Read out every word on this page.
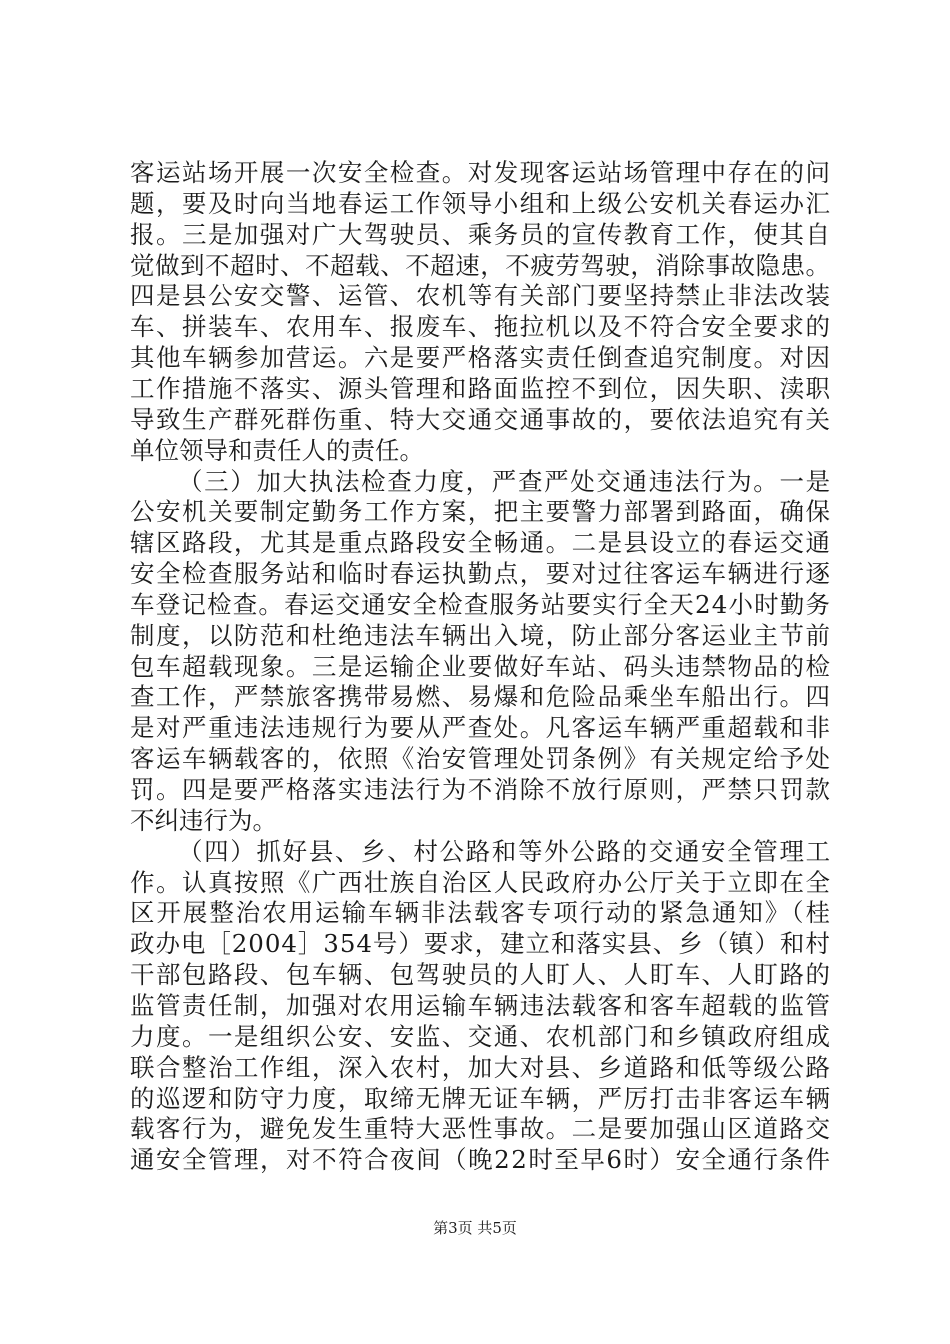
客运站场开展一次安全检查。对发现客运站场管理中存在的问
题，要及时向当地春运工作领导小组和上级公安机关春运办汇
报。三是加强对广大驾驶员、乘务员的宣传教育工作，使其自
觉做到不超时、不超载、不超速，不疲劳驾驶，消除事故隐患。
四是县公安交警、运管、农机等有关部门要坚持禁止非法改装
车、拼装车、农用车、报废车、拖拉机以及不符合安全要求的
其他车辆参加营运。六是要严格落实责任倒查追究制度。对因
工作措施不落实、源头管理和路面监控不到位，因失职、渎职
导致生产群死群伤重、特大交通交通事故的，要依法追究有关
单位领导和责任人的责任。
（三）加大执法检查力度，严查严处交通违法行为。一是
公安机关要制定勤务工作方案，把主要警力部署到路面，确保
辖区路段，尤其是重点路段安全畅通。二是县设立的春运交通
安全检查服务站和临时春运执勤点，要对过往客运车辆进行逐
车登记检查。春运交通安全检查服务站要实行全天24小时勤务
制度，以防范和杜绝违法车辆出入境，防止部分客运业主节前
包车超载现象。三是运输企业要做好车站、码头违禁物品的检
查工作，严禁旅客携带易燃、易爆和危险品乘坐车船出行。四
是对严重违法违规行为要从严查处。凡客运车辆严重超载和非
客运车辆载客的，依照《治安管理处罚条例》有关规定给予处
罚。四是要严格落实违法行为不消除不放行原则，严禁只罚款
不纠违行为。
（四）抓好县、乡、村公路和等外公路的交通安全管理工
作。认真按照《广西壮族自治区人民政府办公厅关于立即在全
区开展整治农用运输车辆非法载客专项行动的紧急通知》（桂
政办电［2004］354号）要求，建立和落实县、乡（镇）和村
干部包路段、包车辆、包驾驶员的人盯人、人盯车、人盯路的
监管责任制，加强对农用运输车辆违法载客和客车超载的监管
力度。一是组织公安、安监、交通、农机部门和乡镇政府组成
联合整治工作组，深入农村，加大对县、乡道路和低等级公路
的巡逻和防守力度，取缔无牌无证车辆，严厉打击非客运车辆
载客行为，避免发生重特大恶性事故。二是要加强山区道路交
通安全管理，对不符合夜间（晚22时至早6时）安全通行条件
第3页 共5页
